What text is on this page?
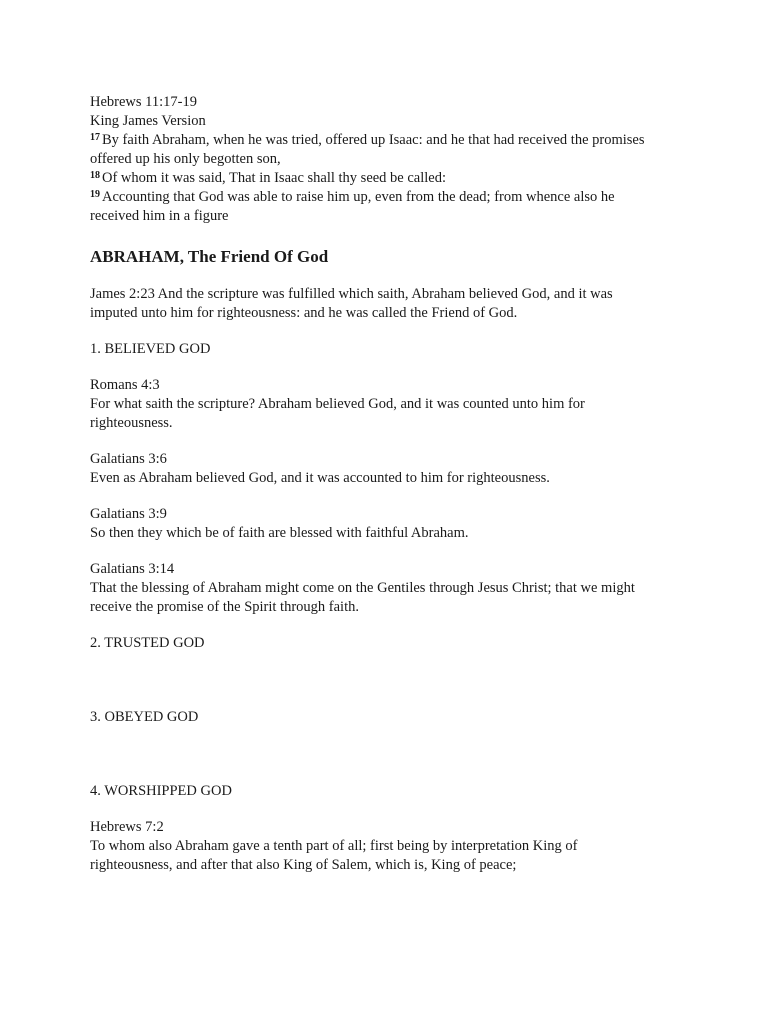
Hebrews 11:17-19
King James Version
$^{17}$ By faith Abraham, when he was tried, offered up Isaac: and he that had received the promises
offered up his only begotten son,
$^{18}$ Of whom it was said, That in Isaac shall thy seed be called:
$^{19}$ Accounting that God was able to raise him up, even from the dead; from whence also he
received him in a figure
ABRAHAM, The Friend Of God
James 2:23 And the scripture was fulfilled which saith, Abraham believed God, and it was
imputed unto him for righteousness: and he was called the Friend of God.
1. BELIEVED GOD
Romans 4:3
For what saith the scripture? Abraham believed God, and it was counted unto him for
righteousness.
Galatians 3:6
Even as Abraham believed God, and it was accounted to him for righteousness.
Galatians 3:9
So then they which be of faith are blessed with faithful Abraham.
Galatians 3:14
That the blessing of Abraham might come on the Gentiles through Jesus Christ; that we might
receive the promise of the Spirit through faith.
2. TRUSTED GOD
3. OBEYED GOD
4. WORSHIPPED GOD
Hebrews 7:2
To whom also Abraham gave a tenth part of all; first being by interpretation King of
righteousness, and after that also King of Salem, which is, King of peace;
